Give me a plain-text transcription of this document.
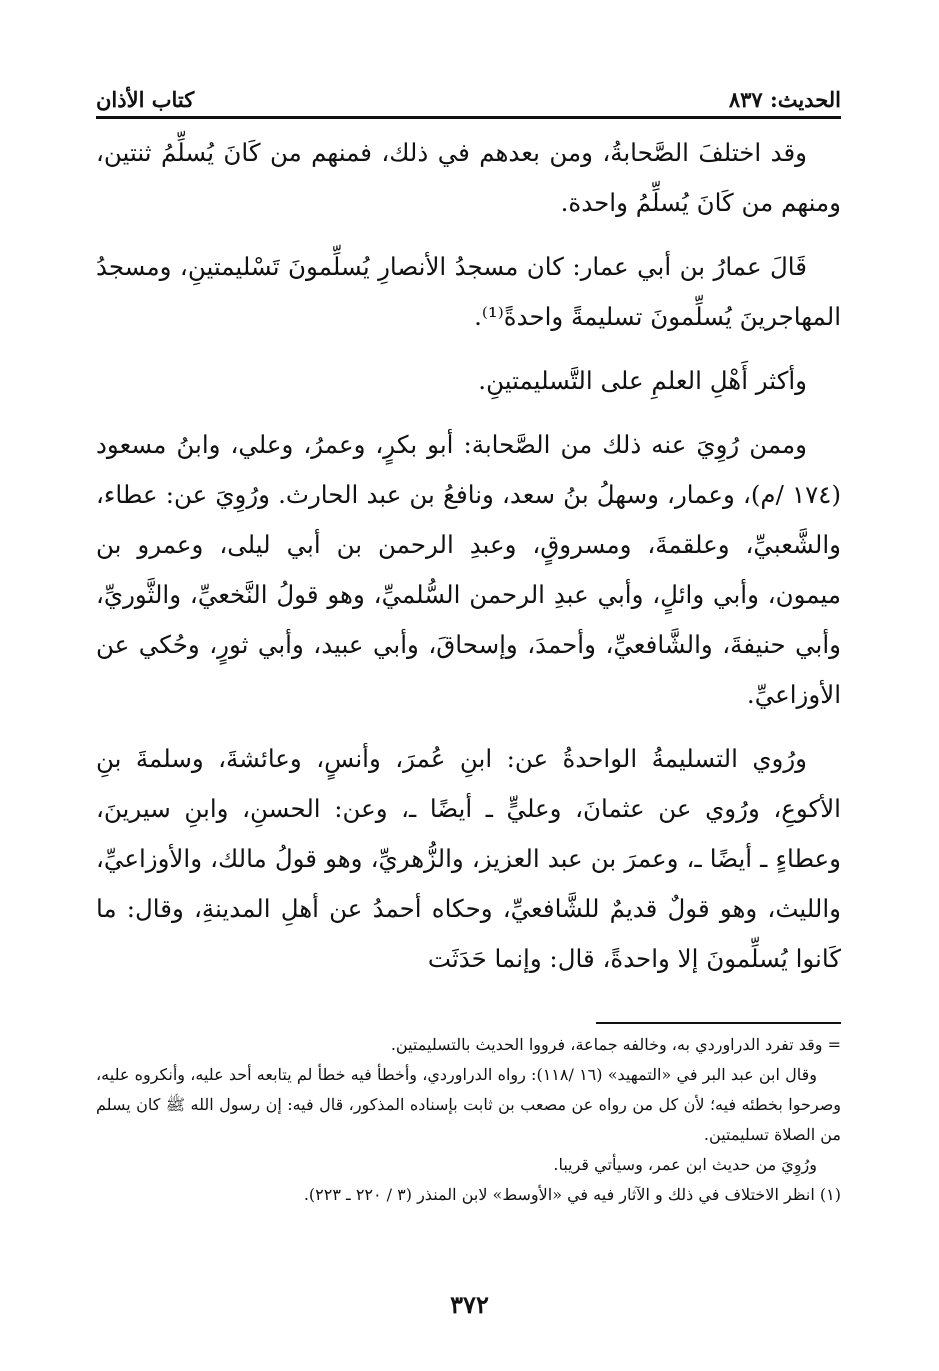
الحديث: ٨٣٧
كتاب الأذان

وقد اختلفَ الصَّحابةُ، ومن بعدهم في ذلك، فمنهم من كَانَ يُسلِّمُ ثنتين، ومنهم من كَانَ يُسلِّمُ واحدة.

قَالَ عمارُ بن أبي عمار: كان مسجدُ الأنصارِ يُسلِّمونَ تَسْليمتينِ، ومسجدُ المهاجرينَ يُسلِّمونَ تسليمةً واحدةً⁽¹⁾.

وأكثر أَهْلِ العلمِ على التَّسليمتينِ.

وممن رُوِيَ عنه ذلك من الصَّحابة: أبو بكرٍ، وعمرُ، وعلي، وابنُ مسعود (١٧٤ /م)، وعمار، وسهلُ بنُ سعد، ونافعُ بن عبد الحارث. ورُوِيَ عن: عطاء، والشَّعبيِّ، وعلقمةَ، ومسروقٍ، وعبدِ الرحمن بن أبي ليلى، وعمرو بن ميمون، وأبي وائلٍ، وأبي عبدِ الرحمن السُّلميِّ، وهو قولُ النَّخعيِّ، والثَّوريِّ، وأبي حنيفةَ، والشَّافعيِّ، وأحمدَ، وإسحاقَ، وأبي عبيد، وأبي ثورٍ، وحُكي عن الأوزاعيِّ.

ورُوي التسليمةُ الواحدةُ عن: ابنِ عُمرَ، وأنسٍ، وعائشةَ، وسلمةَ بنِ الأكوعِ، ورُوي عن عثمانَ، وعليٍّ ـ أيضًا ـ، وعن: الحسنِ، وابنِ سيرينَ، وعطاءٍ ـ أيضًا ـ، وعمرَ بن عبد العزيز، والزُّهريِّ، وهو قولُ مالك، والأوزاعيِّ، والليث، وهو قولٌ قديمٌ للشَّافعيِّ، وحكاه أحمدُ عن أهلِ المدينةِ، وقال: ما كَانوا يُسلِّمونَ إلا واحدةً، قال: وإنما حَدَثَت

= وقد تفرد الدراوردي به، وخالفه جماعة، فرووا الحديث بالتسليمتين.

وقال ابن عبد البر في «التمهيد» (١٦ /١١٨): رواه الدراوردي، وأخطأ فيه خطأ لم يتابعه أحد عليه، وأنكروه عليه، وصرحوا بخطئه فيه؛ لأن كل من رواه عن مصعب بن ثابت بإسناده المذكور، قال فيه: إن رسول الله ﷺ كان يسلم من الصلاة تسليمتين.

ورُوِيَ من حديث ابن عمر، وسيأتي قريبا.

(١) انظر الاختلاف في ذلك و الآثار فيه في «الأوسط» لابن المنذر (٣ / ٢٢٠ ـ ٢٢٣).

٣٧٢
